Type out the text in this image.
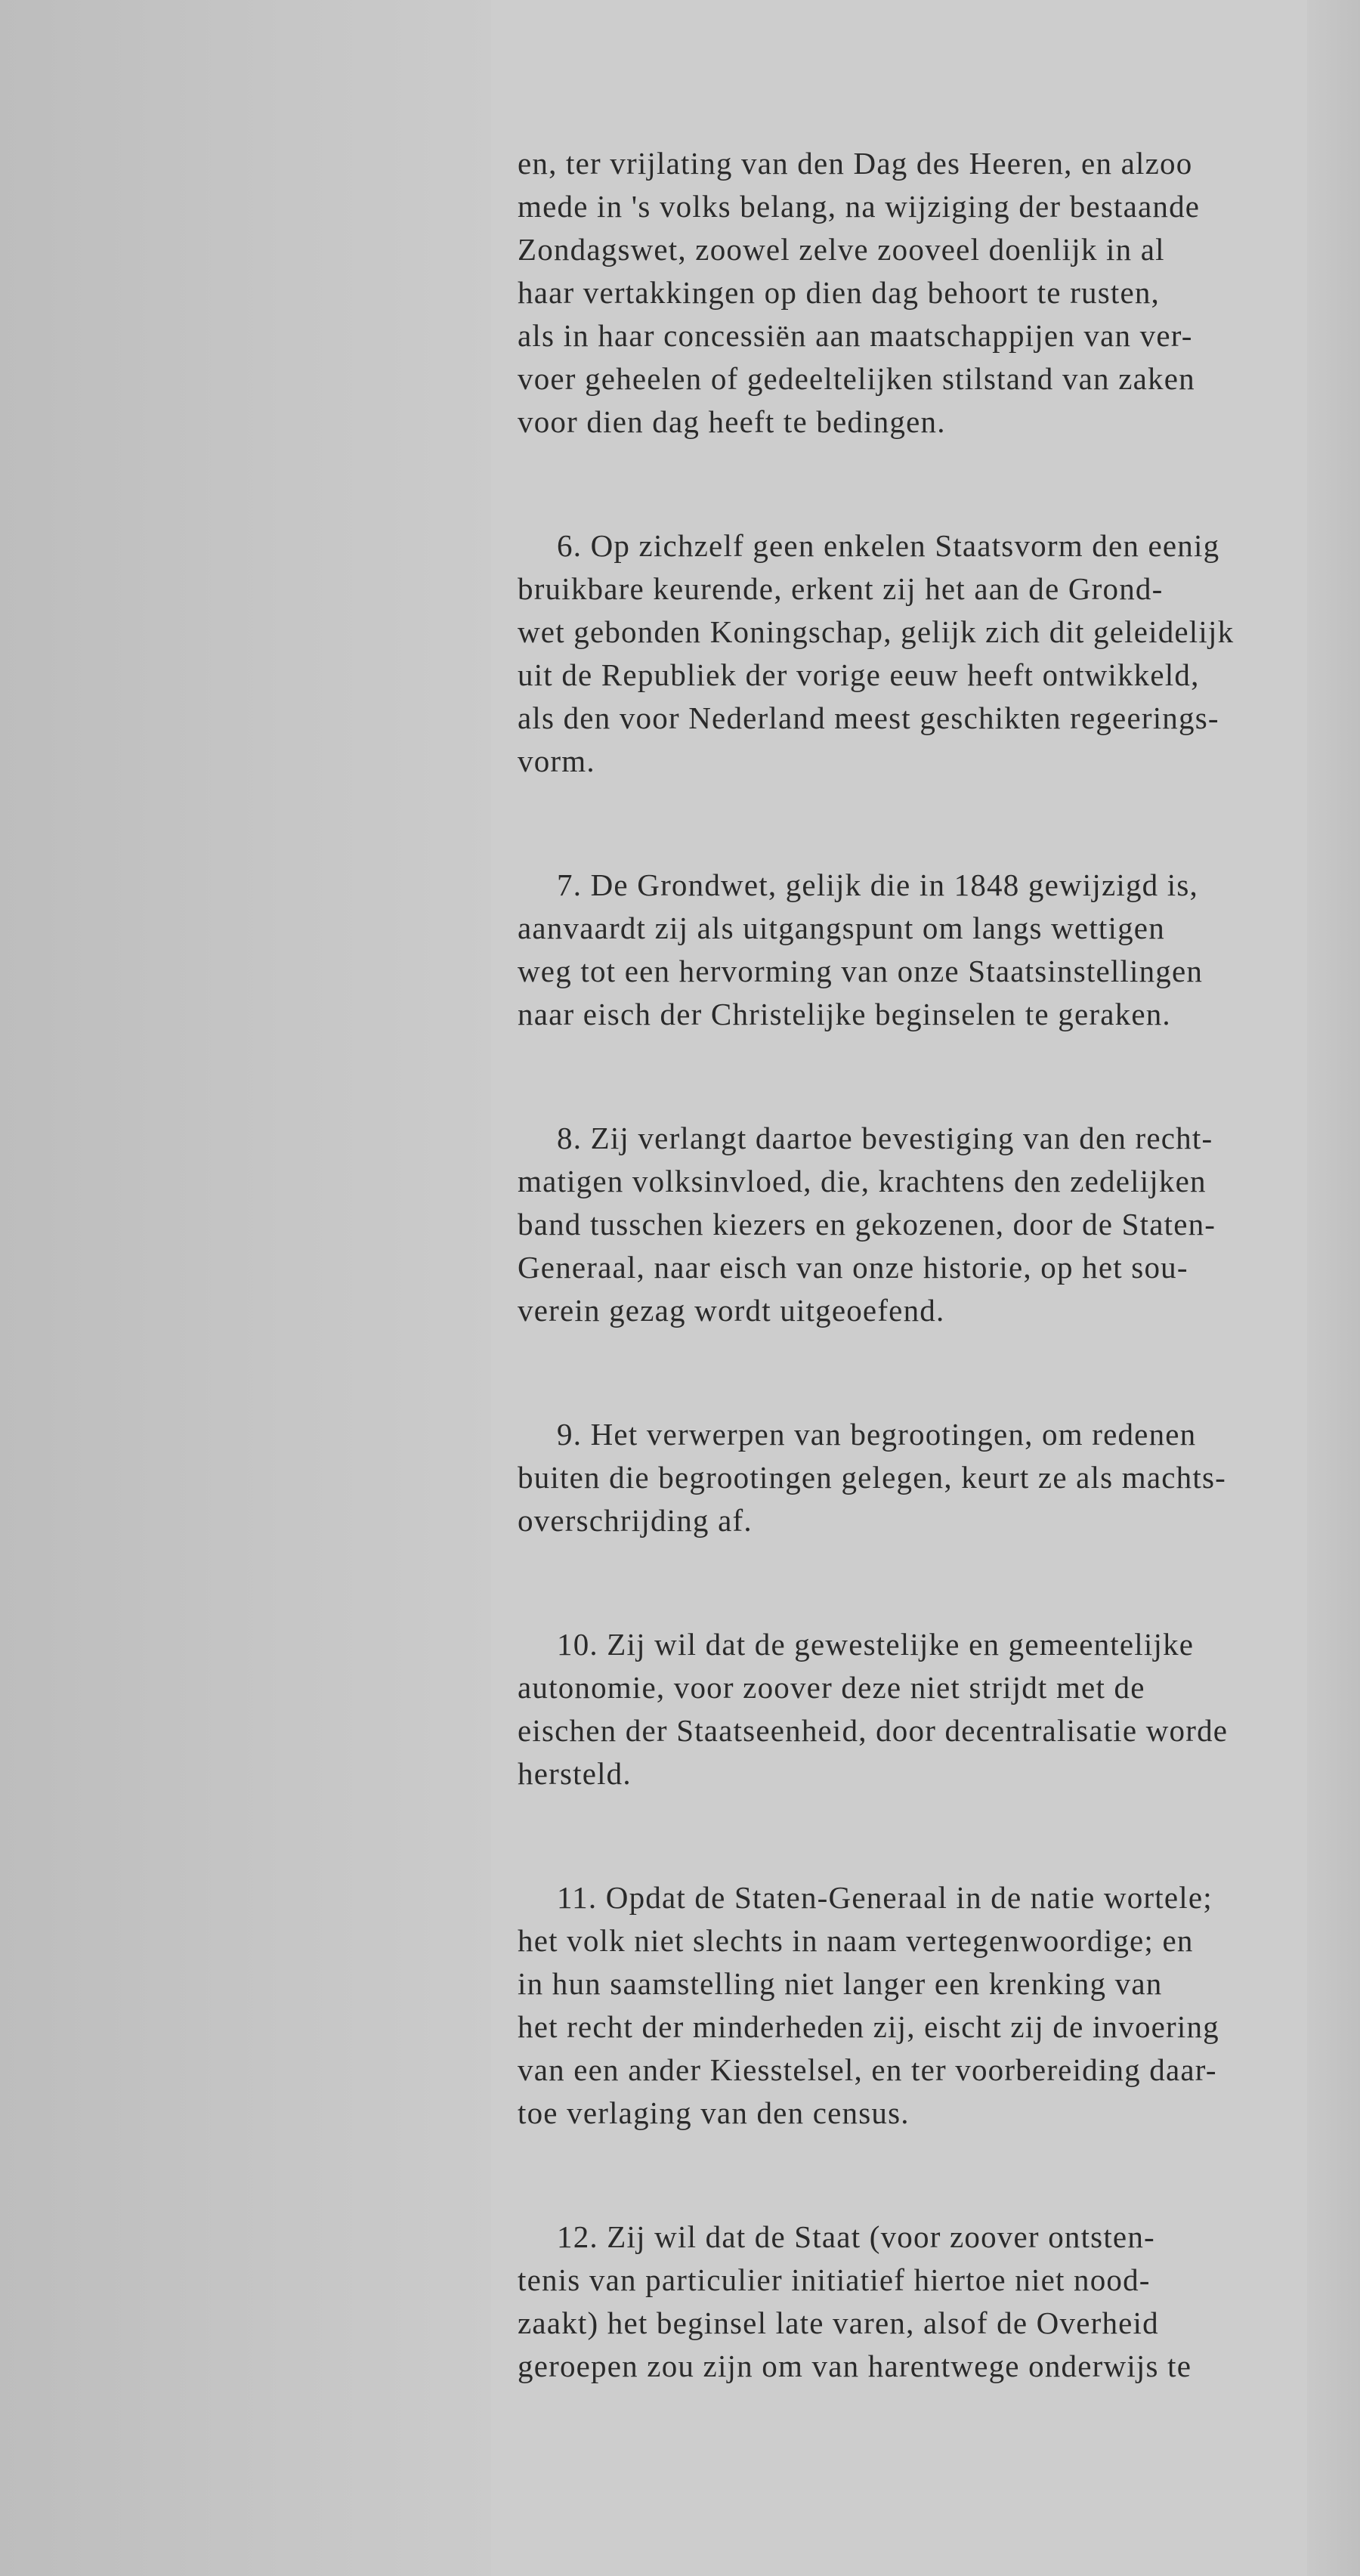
en, ter vrijlating van den Dag des Heeren, en alzoo
mede in 's volks belang, na wijziging der bestaande
Zondagswet, zoowel zelve zooveel doenlijk in al
haar vertakkingen op dien dag behoort te rusten,
als in haar concessiën aan maatschappijen van ver-
voer geheelen of gedeeltelijken stilstand van zaken
voor dien dag heeft te bedingen.

6. Op zichzelf geen enkelen Staatsvorm den eenig
bruikbare keurende, erkent zij het aan de Grond-
wet gebonden Koningschap, gelijk zich dit geleidelijk
uit de Republiek der vorige eeuw heeft ontwikkeld,
als den voor Nederland meest geschikten regeerings-
vorm.

7. De Grondwet, gelijk die in 1848 gewijzigd is,
aanvaardt zij als uitgangspunt om langs wettigen
weg tot een hervorming van onze Staatsinstellingen
naar eisch der Christelijke beginselen te geraken.

8. Zij verlangt daartoe bevestiging van den recht-
matigen volksinvloed, die, krachtens den zedelijken
band tusschen kiezers en gekozenen, door de Staten-
Generaal, naar eisch van onze historie, op het sou-
verein gezag wordt uitgeoefend.

9. Het verwerpen van begrootingen, om redenen
buiten die begrootingen gelegen, keurt ze als machts-
overschrijding af.

10. Zij wil dat de gewestelijke en gemeentelijke
autonomie, voor zoover deze niet strijdt met de
eischen der Staatseenheid, door decentralisatie worde
hersteld.

11. Opdat de Staten-Generaal in de natie wortele;
het volk niet slechts in naam vertegenwoordige; en
in hun saamstelling niet langer een krenking van
het recht der minderheden zij, eischt zij de invoering
van een ander Kiesstelsel, en ter voorbereiding daar-
toe verlaging van den census.

12. Zij wil dat de Staat (voor zoover ontsten-
tenis van particulier initiatief hiertoe niet nood-
zaakt) het beginsel late varen, alsof de Overheid
geroepen zou zijn om van harentwege onderwijs te
